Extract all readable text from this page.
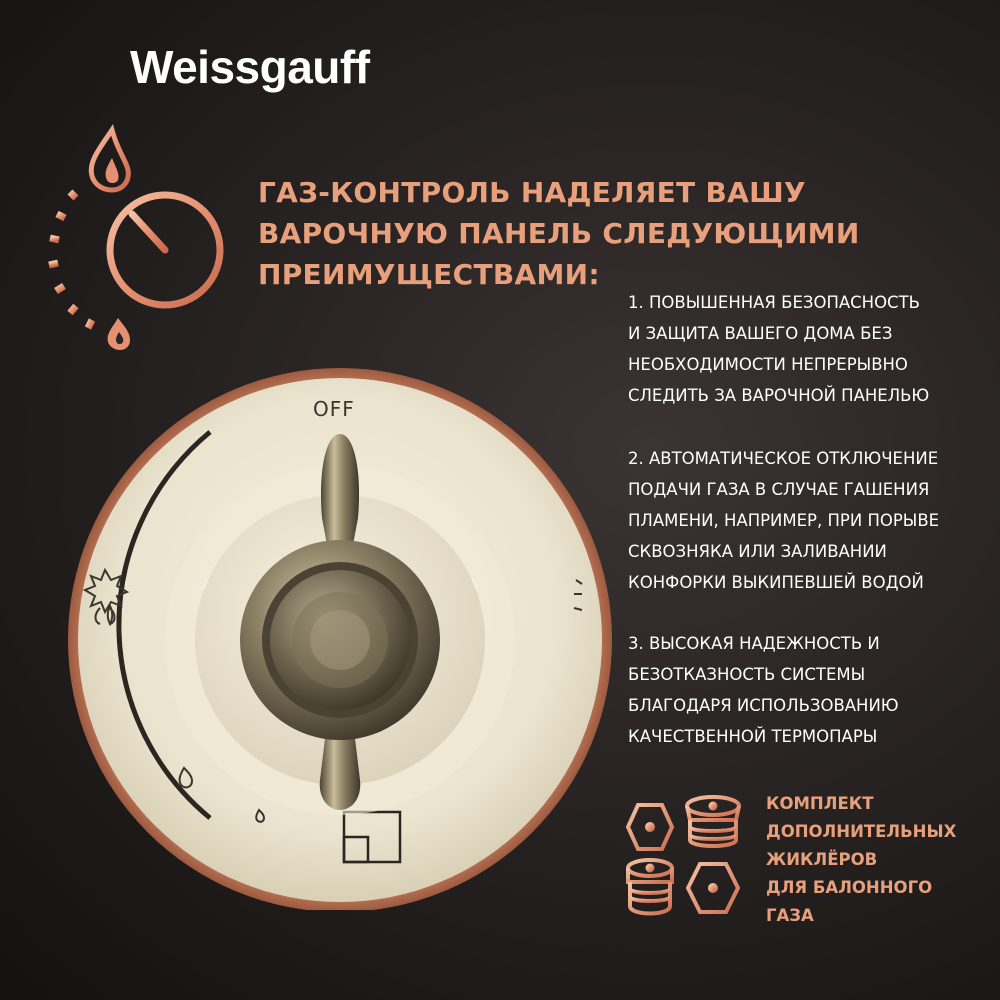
Weissgauff
ГАЗ-КОНТРОЛЬ НАДЕЛЯЕТ ВАШУ
ВАРОЧНУЮ ПАНЕЛЬ СЛЕДУЮЩИМИ
ПРЕИМУЩЕСТВАМИ:
1. ПОВЫШЕННАЯ БЕЗОПАСНОСТЬ
И ЗАЩИТА ВАШЕГО ДОМА БЕЗ
НЕОБХОДИМОСТИ НЕПРЕРЫВНО
СЛЕДИТЬ ЗА ВАРОЧНОЙ ПАНЕЛЬЮ
2. АВТОМАТИЧЕСКОЕ ОТКЛЮЧЕНИЕ
ПОДАЧИ ГАЗА В СЛУЧАЕ ГАШЕНИЯ
ПЛАМЕНИ, НАПРИМЕР, ПРИ ПОРЫВЕ
СКВОЗНЯКА ИЛИ ЗАЛИВАНИИ
КОНФОРКИ ВЫКИПЕВШЕЙ ВОДОЙ
3. ВЫСОКАЯ НАДЕЖНОСТЬ И
БЕЗОТКАЗНОСТЬ СИСТЕМЫ
БЛАГОДАРЯ ИСПОЛЬЗОВАНИЮ
КАЧЕСТВЕННОЙ ТЕРМОПАРЫ
OFF
КОМПЛЕКТ
ДОПОЛНИТЕЛЬНЫХ
ЖИКЛЁРОВ
ДЛЯ БАЛОННОГО
ГАЗА
